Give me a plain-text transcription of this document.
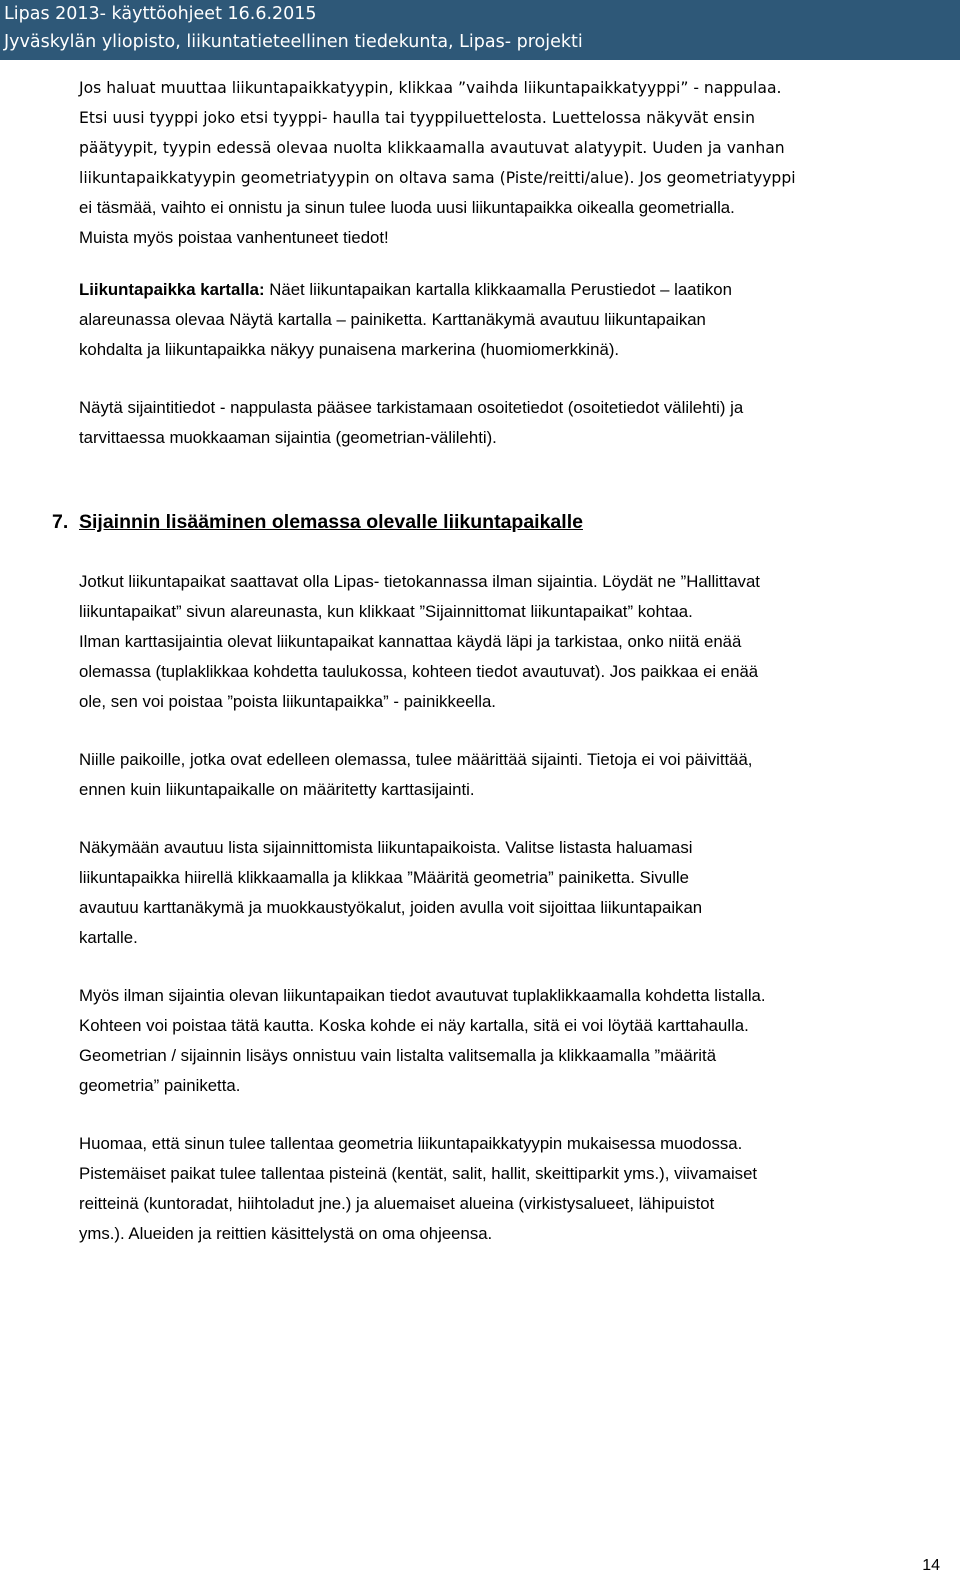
Lipas 2013- käyttöohjeet 16.6.2015
Jyväskylän yliopisto, liikuntatieteellinen tiedekunta, Lipas- projekti
Jos haluat muuttaa liikuntapaikkatyypin, klikkaa ”vaihda liikuntapaikkatyyppi” - nappulaa.
Etsi uusi tyyppi joko etsi tyyppi- haulla tai tyyppiluettelosta. Luettelossa näkyvät ensin
päätyypit, tyypin edessä olevaa nuolta klikkaamalla avautuvat alatyypit. Uuden ja vanhan
liikuntapaikkatyypin geometriatyypin on oltava sama (Piste/reitti/alue). Jos geometriatyyppi
ei täsmää, vaihto ei onnistu ja sinun tulee luoda uusi liikuntapaikka oikealla geometrialla.
Muista myös poistaa vanhentuneet tiedot!
Liikuntapaikka kartalla: Näet liikuntapaikan kartalla klikkaamalla Perustiedot – laatikon
alareunassa olevaa Näytä kartalla – painiketta. Karttanäkymä avautuu liikuntapaikan
kohdalta ja liikuntapaikka näkyy punaisena markerina (huomiomerkkinä).
Näytä sijaintitiedot - nappulasta pääsee tarkistamaan osoitetiedot (osoitetiedot välilehti) ja
tarvittaessa muokkaaman sijaintia (geometrian-välilehti).
7. Sijainnin lisääminen olemassa olevalle liikuntapaikalle
Jotkut liikuntapaikat saattavat olla Lipas- tietokannassa ilman sijaintia. Löydät ne ”Hallittavat
liikuntapaikat” sivun alareunasta, kun klikkaat ”Sijainnittomat liikuntapaikat” kohtaa.
Ilman karttasijaintia olevat liikuntapaikat kannattaa käydä läpi ja tarkistaa, onko niitä enää
olemassa (tuplaklikkaa kohdetta taulukossa, kohteen tiedot avautuvat). Jos paikkaa ei enää
ole, sen voi poistaa ”poista liikuntapaikka” - painikkeella.
Niille paikoille, jotka ovat edelleen olemassa, tulee määrittää sijainti. Tietoja ei voi päivittää,
ennen kuin liikuntapaikalle on määritetty karttasijainti.
Näkymään avautuu lista sijainnittomista liikuntapaikoista. Valitse listasta haluamasi
liikuntapaikka hiirellä klikkaamalla ja klikkaa ”Määritä geometria” painiketta. Sivulle
avautuu karttanäkymä ja muokkaustyökalut, joiden avulla voit sijoittaa liikuntapaikan
kartalle.
Myös ilman sijaintia olevan liikuntapaikan tiedot avautuvat tuplaklikkaamalla kohdetta listalla.
Kohteen voi poistaa tätä kautta. Koska kohde ei näy kartalla, sitä ei voi löytää karttahaulla.
Geometrian / sijainnin lisäys onnistuu vain listalta valitsemalla ja klikkaamalla ”määritä
geometria” painiketta.
Huomaa, että sinun tulee tallentaa geometria liikuntapaikkatyypin mukaisessa muodossa.
Pistemäiset paikat tulee tallentaa pisteinä (kentät, salit, hallit, skeittiparkit yms.), viivamaiset
reitteinä (kuntoradat, hiihtoladut jne.) ja aluemaiset alueina (virkistysalueet, lähipuistot
yms.). Alueiden ja reittien käsittelystä on oma ohjeensa.
14
